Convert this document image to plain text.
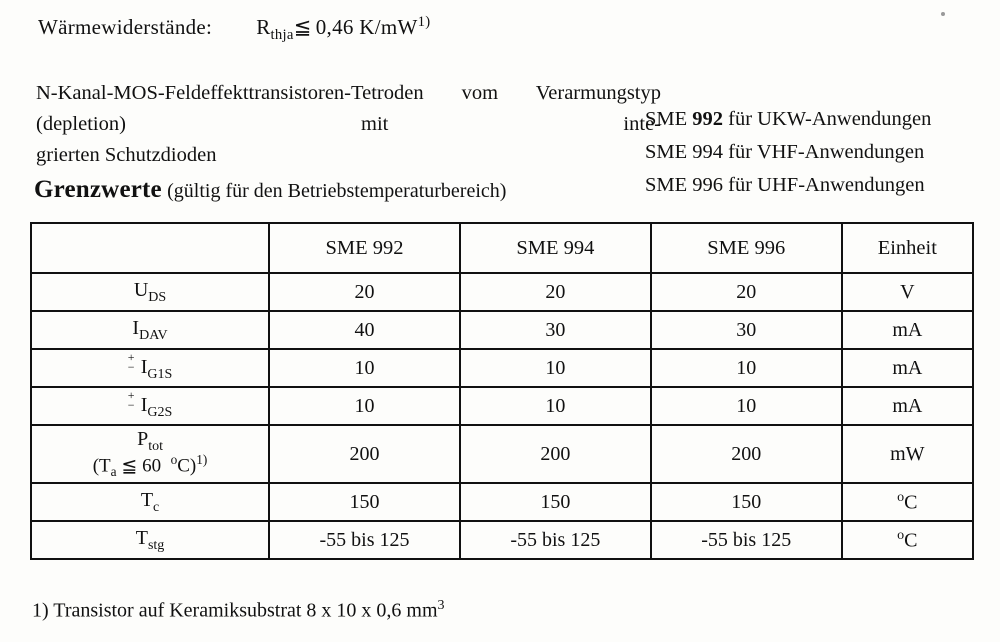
Wärmewiderstände: $R_{thja}≦$ 0,46 $K/mW^{1)}$
N-Kanal-MOS-Feldeffekttransistoren-Tetroden vom Verarmungstyp (depletion) mit inte-
grierten Schutzdioden
SME 992 für UKW-Anwendungen
SME 994 für VHF-Anwendungen
SME 996 für UHF-Anwendungen
Grenzwerte (gültig für den Betriebstemperaturbereich)
	SME 992	SME 994	SME 996	Einheit
$U_{DS}$	20	20	20	V
$I_{DAV}$	40	30	30	mA

+
− $I_{G1S}$	10	10	10	mA

+
− $I_{G2S}$	10	10	10	mA
$P_{tot}$
($T_a$ ≦ 60  $^o$C)$^{1)}$	200	200	200	mW
$T_c$	150	150	150	$^o$C
$T_{stg}$	-55 bis 125	-55 bis 125	-55 bis 125	$^o$C
1) Transistor auf Keramiksubstrat 8 x 10 x 0,6 $mm^3$
